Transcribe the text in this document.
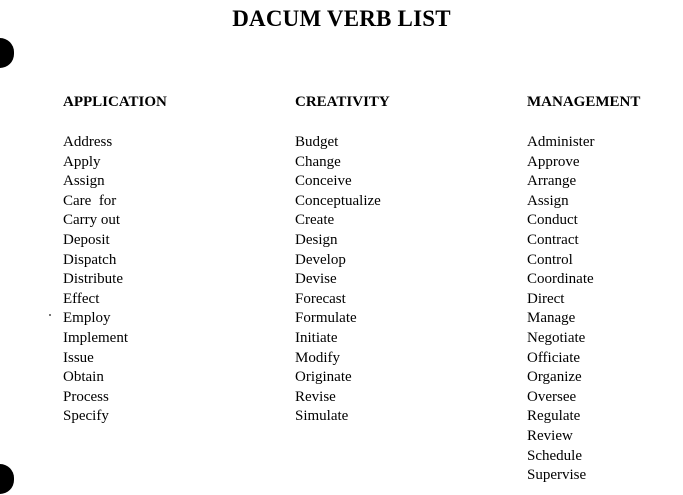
DACUM VERB LIST
APPLICATION
Address
Apply
Assign
Care  for
Carry out
Deposit
Dispatch
Distribute
Effect
Employ
Implement
Issue
Obtain
Process
Specify
CREATIVITY
Budget
Change
Conceive
Conceptualize
Create
Design
Develop
Devise
Forecast
Formulate
Initiate
Modify
Originate
Revise
Simulate
MANAGEMENT
Administer
Approve
Arrange
Assign
Conduct
Contract
Control
Coordinate
Direct
Manage
Negotiate
Officiate
Organize
Oversee
Regulate
Review
Schedule
Supervise
